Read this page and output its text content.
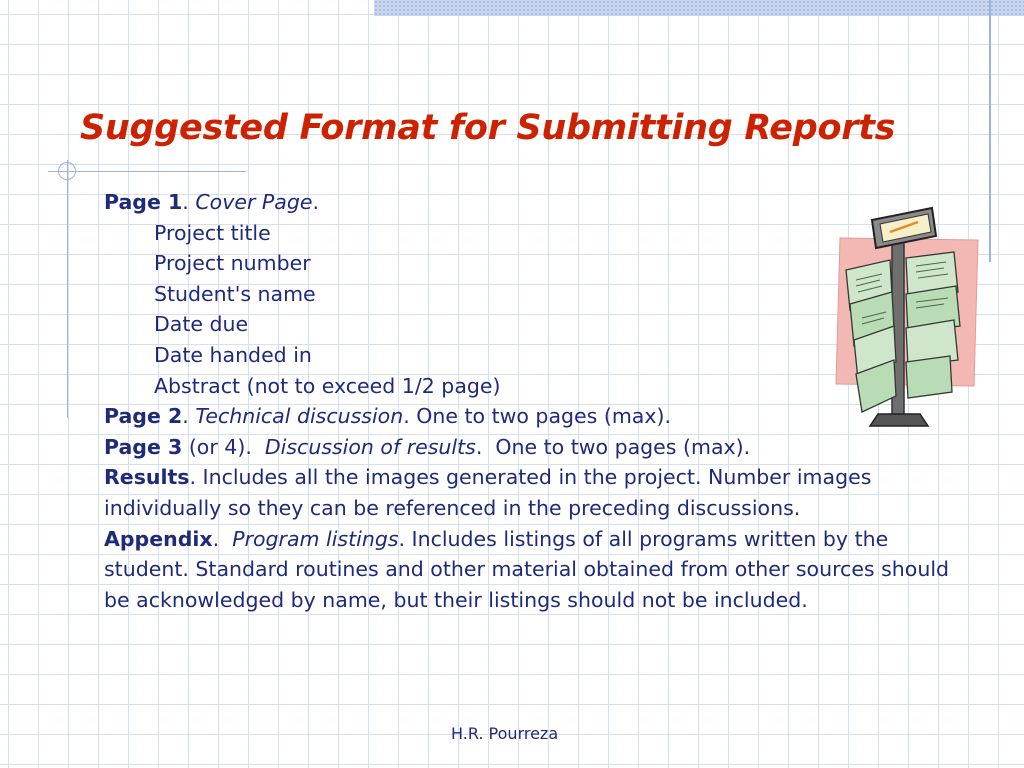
Suggested Format for Submitting Reports
Page 1. Cover Page.
Project title
Project number
Student's name
Date due
Date handed in
Abstract (not to exceed 1/2 page)
Page 2. Technical discussion. One to two pages (max).
Page 3 (or 4).  Discussion of results.  One to two pages (max).
Results. Includes all the images generated in the project. Number images individually so they can be referenced in the preceding discussions.
Appendix.  Program listings. Includes listings of all programs written by the student. Standard routines and other material obtained from other sources should be acknowledged by name, but their listings should not be included.

H.R. Pourreza
